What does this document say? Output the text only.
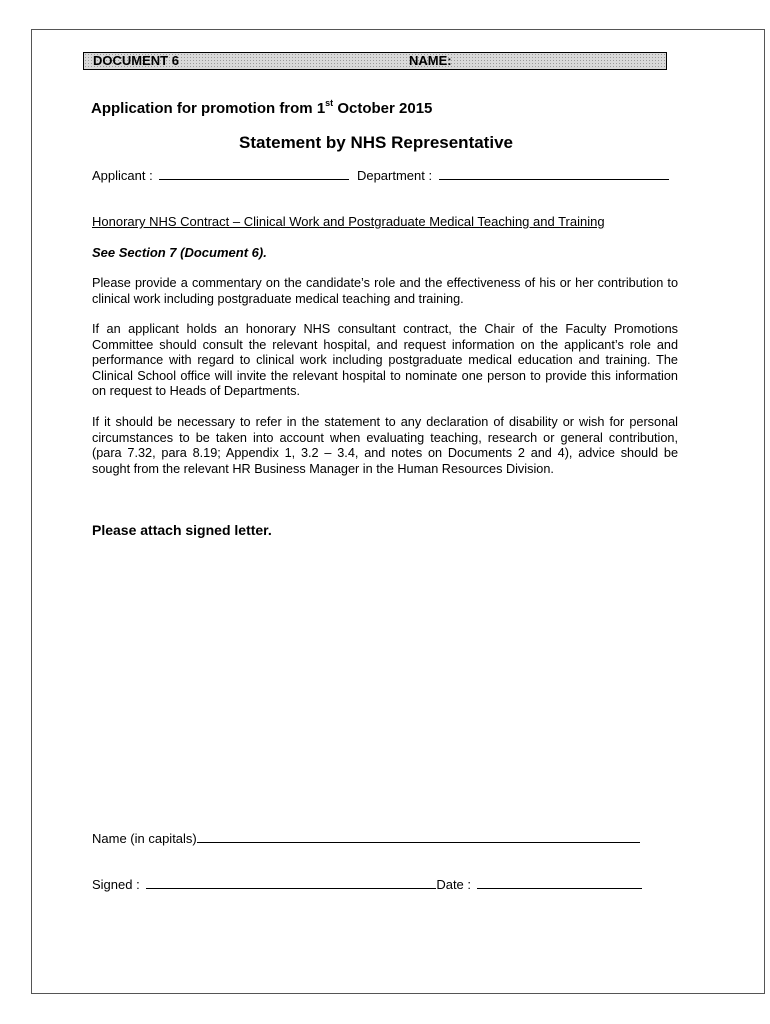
DOCUMENT 6	NAME:
Application for promotion from 1st October 2015
Statement by NHS Representative
Applicant :	Department :
Honorary NHS Contract – Clinical Work and Postgraduate Medical Teaching and Training
See Section 7 (Document 6).
Please provide a commentary on the candidate’s role and the effectiveness of his or her contribution to clinical work including postgraduate medical teaching and training.
If an applicant holds an honorary NHS consultant contract, the Chair of the Faculty Promotions Committee should consult the relevant hospital, and request information on the applicant’s role and performance with regard to clinical work including postgraduate medical education and training. The Clinical School office will invite the relevant hospital to nominate one person to provide this information on request to Heads of Departments.
If it should be necessary to refer in the statement to any declaration of disability or wish for personal circumstances to be taken into account when evaluating teaching, research or general contribution, (para 7.32, para 8.19; Appendix 1, 3.2 – 3.4, and notes on Documents 2 and 4), advice should be sought from the relevant HR Business Manager in the Human Resources Division.
Please attach signed letter.
Name (in capitals)
Signed :	Date :
